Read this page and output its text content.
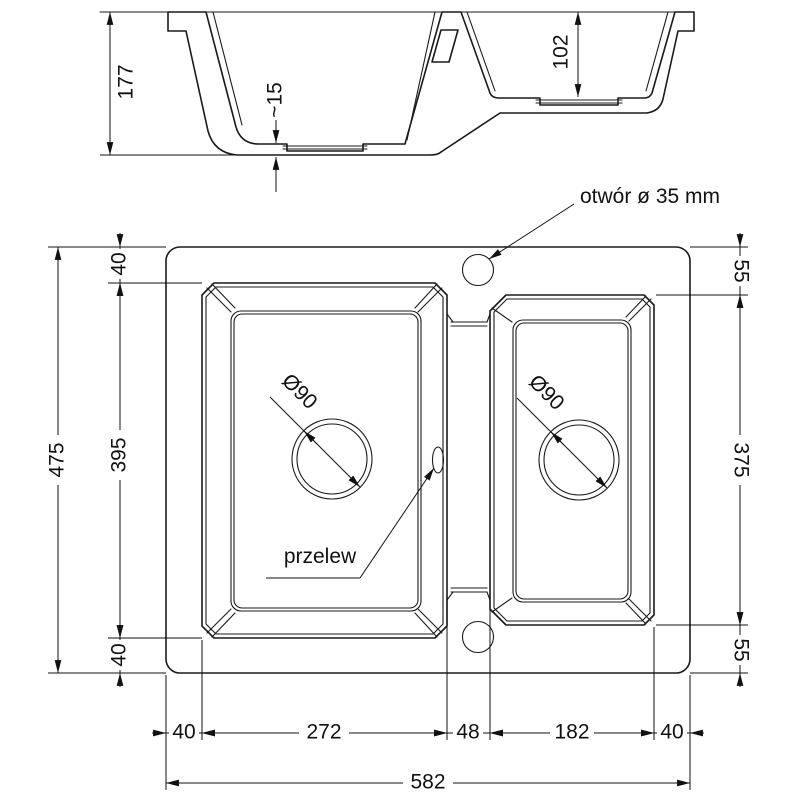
177
~15
102
otwór ø 35 mm
przelew
Ø90	Ø90
475
40
395
40
55
375
55
40	272	48	182	40
582
